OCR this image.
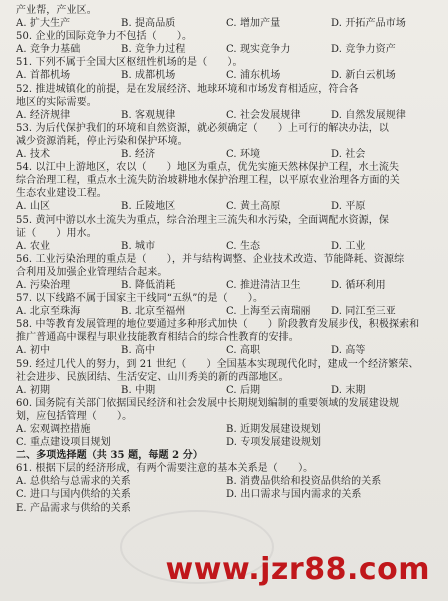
产业帮，产业区。
A. 扩大生产	B. 提高品质	C. 增加产量	D. 开拓产品市场
50. 企业的国际竞争力不包括（　　）。
A. 竞争力基础	B. 竞争力过程	C. 现实竞争力	D. 竞争力资产
51. 下列不属于全国大区枢纽性机场的是（　　）。
A. 首都机场	B. 成都机场	C. 浦东机场	D. 新白云机场
52. 推进城镇化的前提，是在发展经济、地球环境和市场发育相适应，符合各
地区的实际需要。
A. 经济规律	B. 客观规律	C. 社会发展规律	D. 自然发展规律
53. 为后代保护我们的环境和自然资源，就必须确定（　　）上可行的解决办法，以
减少资源消耗，停止污染和保护环境。
A. 技术	B. 经济	C. 环境	D. 社会
54. 以江中上游地区，农以（　　）地区为重点，优先实施天然林保护工程，水土流失
综合治理工程，重点水土流失防治坡耕地水保护治理工程，以平原农业治理各方面的关
生态农业建设工程。
A. 山区	B. 丘陵地区	C. 黄土高原	D. 平原
55. 黄河中游以水土流失为重点，综合治理主三流失和水污染，全面调配水资源，保
证（　　）用水。
A. 农业	B. 城市	C. 生态	D. 工业
56. 工业污染治理的重点是（　　），并与结构调整、企业技术改造、节能降耗、资源综
合利用及加强企业管理结合起来。
A. 污染治理	B. 降低消耗	C. 推进清洁卫生	D. 循环利用
57. 以下线路不属于国家主干线同“五纵”的是（　　）。
A. 北京至珠海	B. 北京至福州	C. 上海至云南瑞丽	D. 同江至三亚
58. 中等教育发展管理的地位要通过多种形式加快（　　）阶段教育发展步伐，积极探索和
推广普通高中课程与职业技能教育相结合的综合性教育的安排。
A. 初中	B. 高中	C. 高职	D. 高等
59. 经过几代人的努力，到 21 世纪（　　）全国基本实现现代化时，建成一个经济繁荣、
社会进步、民族团结、生活安定、山川秀美的新的西部地区。
A. 初期	B. 中期	C. 后期	D. 末期
60. 国务院有关部门依据国民经济和社会发展中长期规划编制的重要领域的发展建设规
划，应包括管理（　　）。
A. 宏观调控措施	B. 近期发展建设规划
C. 重点建设项目规划	D. 专项发展建设规划
二、多项选择题（共 35 题，每题 2 分）
61. 根据下层的经济形成，有两个需要注意的基本关系是（　　）。
A. 总供给与总需求的关系	B. 消费品供给和投资品供给的关系
C. 进口与国内供给的关系	D. 出口需求与国内需求的关系
E. 产品需求与供给的关系
www.jzr88.com
